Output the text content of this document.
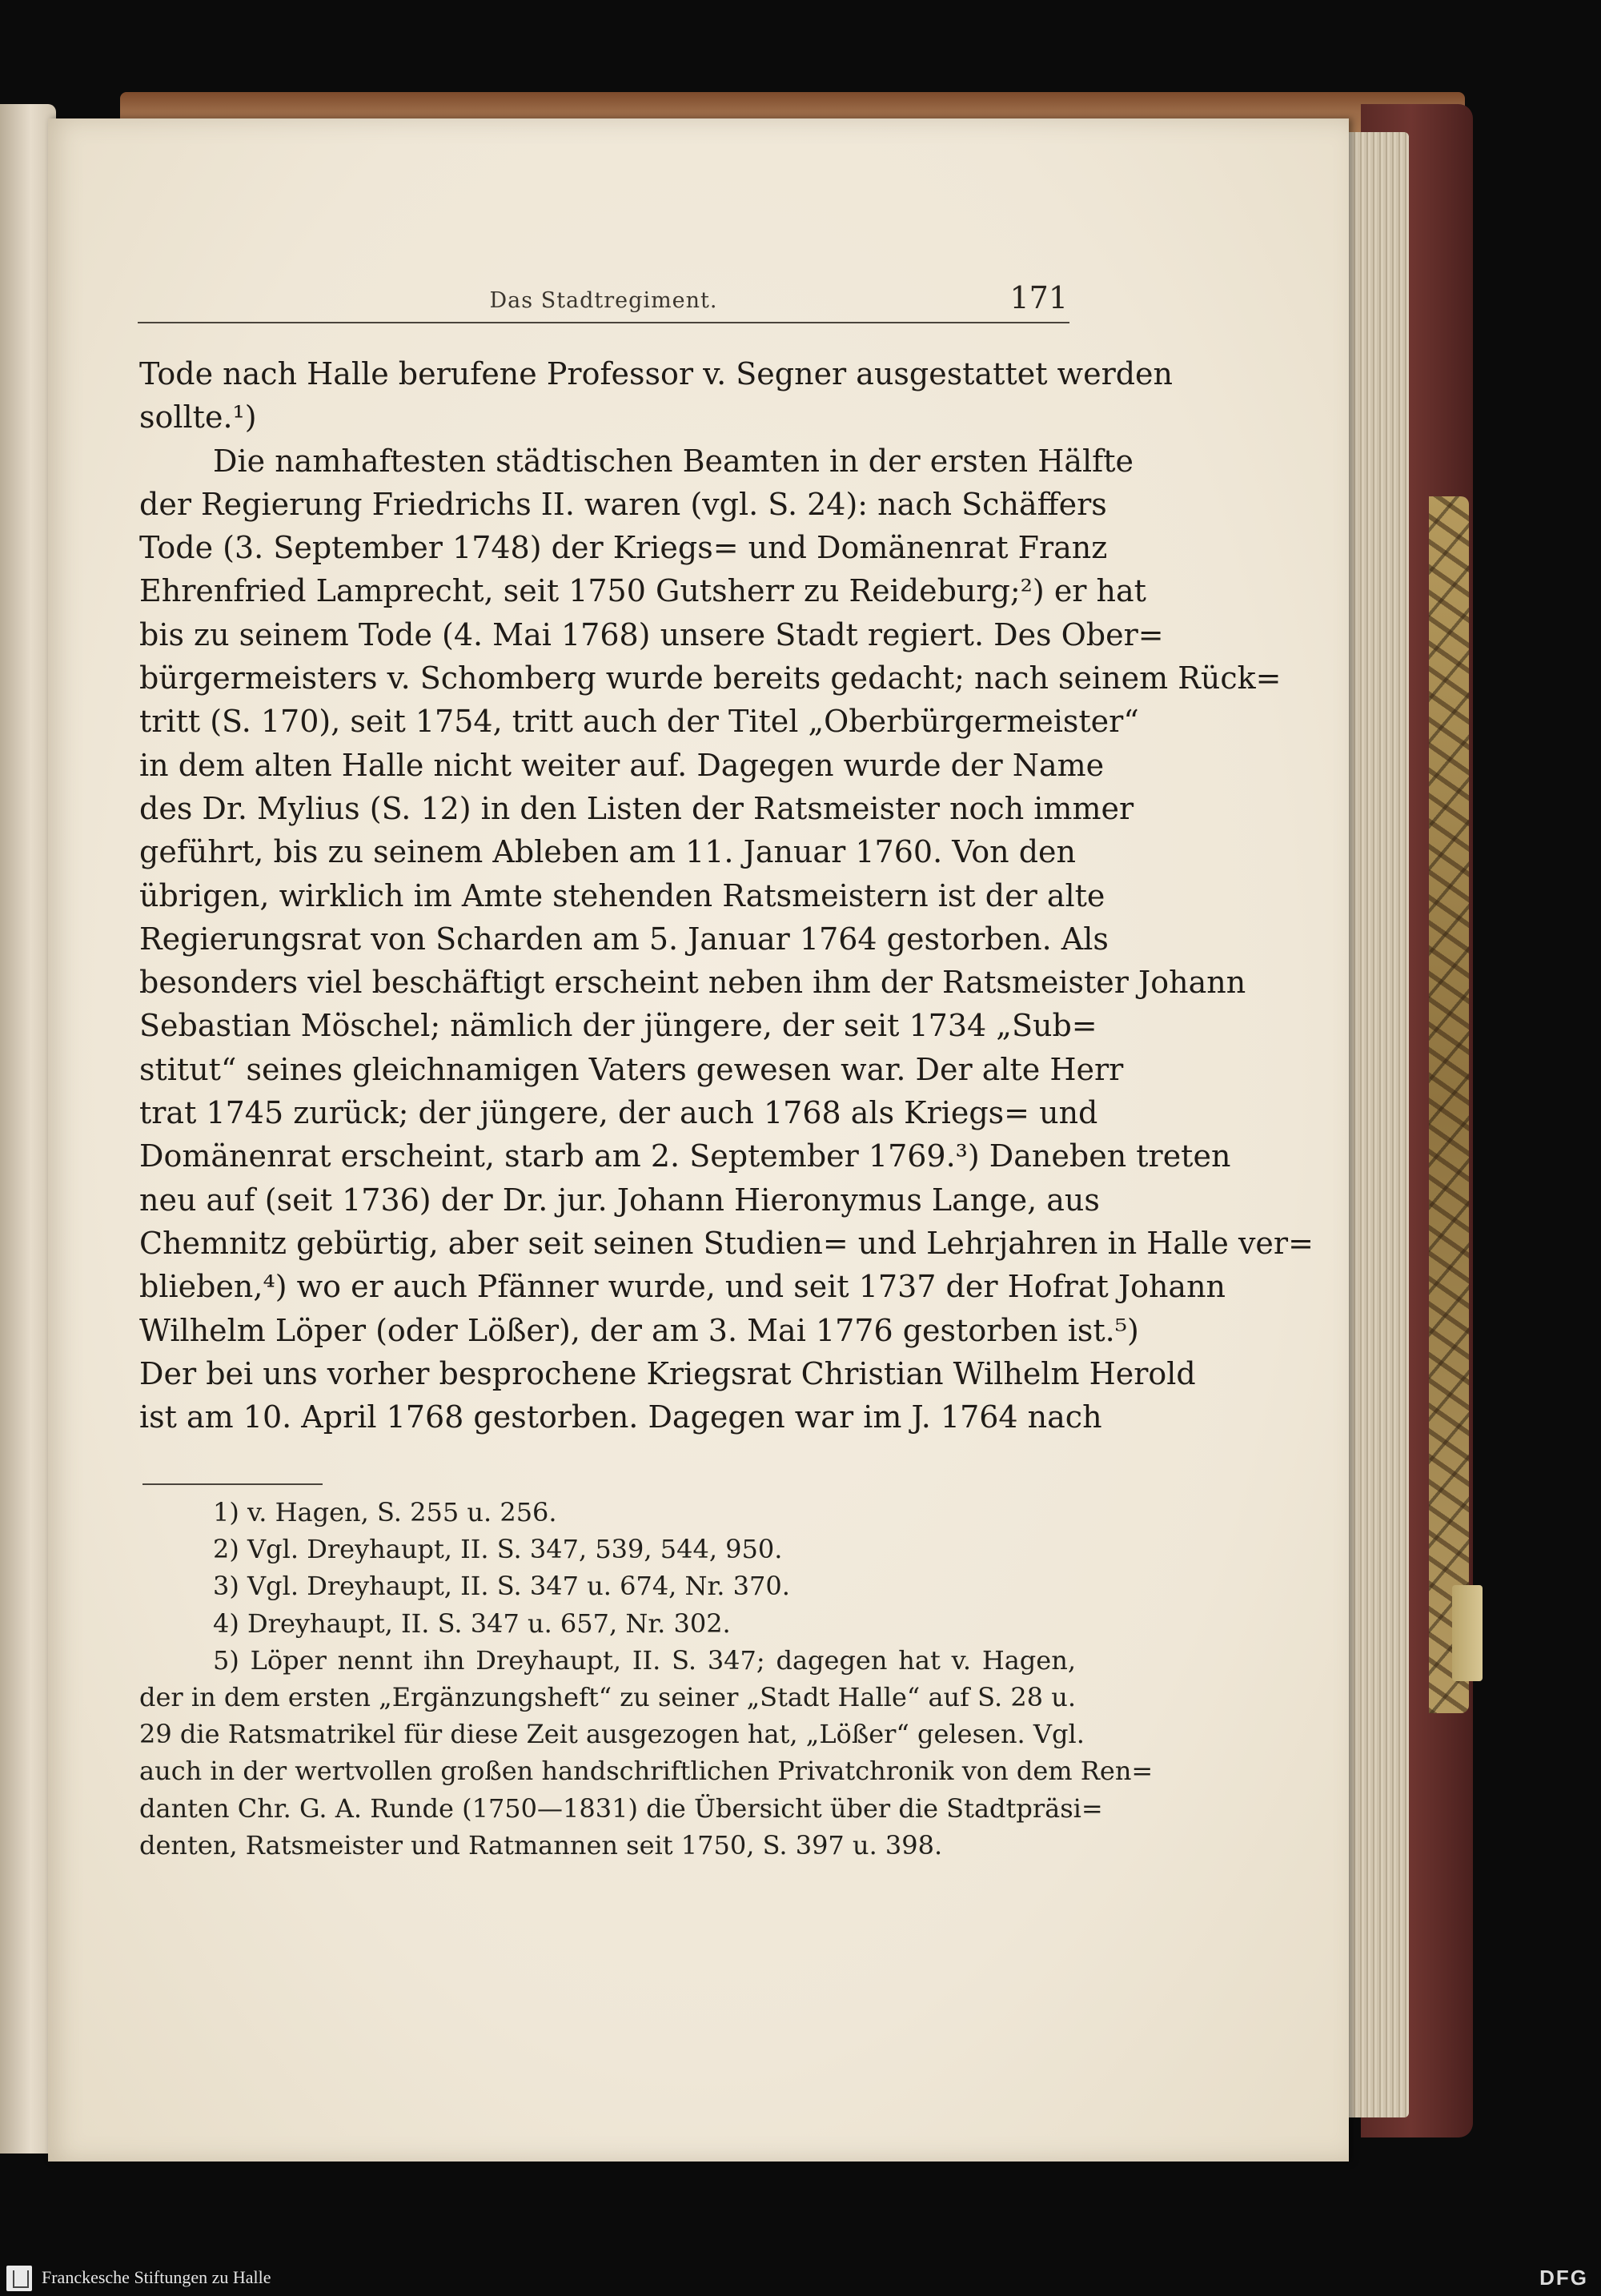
Das Stadtregiment.	171
Tode nach Halle berufene Professor v. Segner ausgestattet werden
sollte.¹)
Die namhaftesten städtischen Beamten in der ersten Hälfte
der Regierung Friedrichs II. waren (vgl. S. 24): nach Schäffers
Tode (3. September 1748) der Kriegs= und Domänenrat Franz
Ehrenfried Lamprecht, seit 1750 Gutsherr zu Reideburg;²) er hat
bis zu seinem Tode (4. Mai 1768) unsere Stadt regiert. Des Ober=
bürgermeisters v. Schomberg wurde bereits gedacht; nach seinem Rück=
tritt (S. 170), seit 1754, tritt auch der Titel „Oberbürgermeister“
in dem alten Halle nicht weiter auf. Dagegen wurde der Name
des Dr. Mylius (S. 12) in den Listen der Ratsmeister noch immer
geführt, bis zu seinem Ableben am 11. Januar 1760. Von den
übrigen, wirklich im Amte stehenden Ratsmeistern ist der alte
Regierungsrat von Scharden am 5. Januar 1764 gestorben. Als
besonders viel beschäftigt erscheint neben ihm der Ratsmeister Johann
Sebastian Möschel; nämlich der jüngere, der seit 1734 „Sub=
stitut“ seines gleichnamigen Vaters gewesen war. Der alte Herr
trat 1745 zurück; der jüngere, der auch 1768 als Kriegs= und
Domänenrat erscheint, starb am 2. September 1769.³) Daneben treten
neu auf (seit 1736) der Dr. jur. Johann Hieronymus Lange, aus
Chemnitz gebürtig, aber seit seinen Studien= und Lehrjahren in Halle ver=
blieben,⁴) wo er auch Pfänner wurde, und seit 1737 der Hofrat Johann
Wilhelm Löper (oder Lößer), der am 3. Mai 1776 gestorben ist.⁵)
Der bei uns vorher besprochene Kriegsrat Christian Wilhelm Herold
ist am 10. April 1768 gestorben. Dagegen war im J. 1764 nach
1) v. Hagen, S. 255 u. 256.
2) Vgl. Dreyhaupt, II. S. 347, 539, 544, 950.
3) Vgl. Dreyhaupt, II. S. 347 u. 674, Nr. 370.
4) Dreyhaupt, II. S. 347 u. 657, Nr. 302.
5) Löper nennt ihn Dreyhaupt, II. S. 347; dagegen hat v. Hagen,
der in dem ersten „Ergänzungsheft“ zu seiner „Stadt Halle“ auf S. 28 u.
29 die Ratsmatrikel für diese Zeit ausgezogen hat, „Lößer“ gelesen. Vgl.
auch in der wertvollen großen handschriftlichen Privatchronik von dem Ren=
danten Chr. G. A. Runde (1750—1831) die Übersicht über die Stadtpräsi=
denten, Ratsmeister und Ratmannen seit 1750, S. 397 u. 398.
Franckesche Stiftungen zu Halle	DFG
